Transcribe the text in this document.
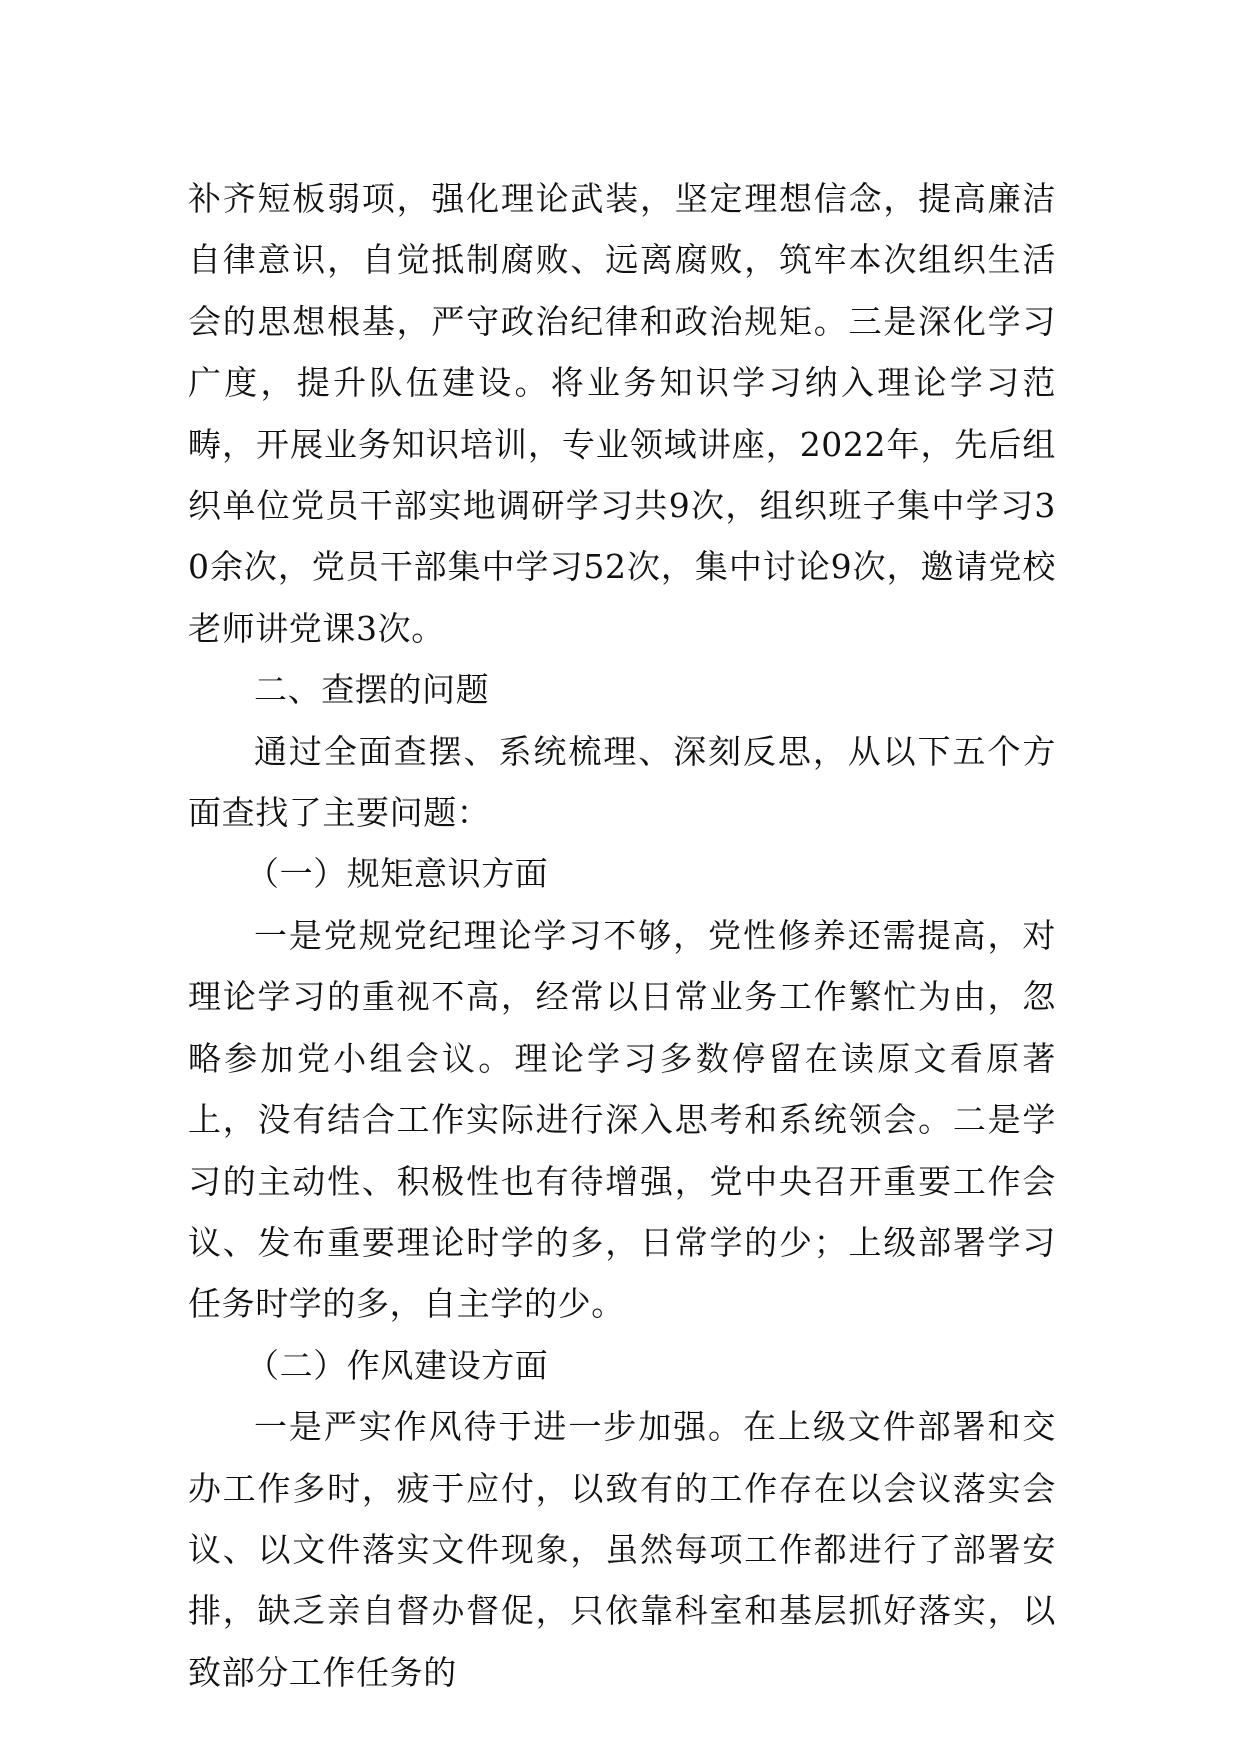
补齐短板弱项，强化理论武装，坚定理想信念，提高廉洁自律意识，自觉抵制腐败、远离腐败，筑牢本次组织生活会的思想根基，严守政治纪律和政治规矩。三是深化学习广度，提升队伍建设。将业务知识学习纳入理论学习范畴，开展业务知识培训，专业领域讲座，2022年，先后组织单位党员干部实地调研学习共9次，组织班子集中学习30余次，党员干部集中学习52次，集中讨论9次，邀请党校老师讲党课3次。

二、查摆的问题

通过全面查摆、系统梳理、深刻反思，从以下五个方面查找了主要问题：

（一）规矩意识方面

一是党规党纪理论学习不够，党性修养还需提高，对理论学习的重视不高，经常以日常业务工作繁忙为由，忽略参加党小组会议。理论学习多数停留在读原文看原著上，没有结合工作实际进行深入思考和系统领会。二是学习的主动性、积极性也有待增强，党中央召开重要工作会议、发布重要理论时学的多，日常学的少；上级部署学习任务时学的多，自主学的少。

（二）作风建设方面

一是严实作风待于进一步加强。在上级文件部署和交办工作多时，疲于应付，以致有的工作存在以会议落实会议、以文件落实文件现象，虽然每项工作都进行了部署安排，缺乏亲自督办督促，只依靠科室和基层抓好落实，以致部分工作任务的
